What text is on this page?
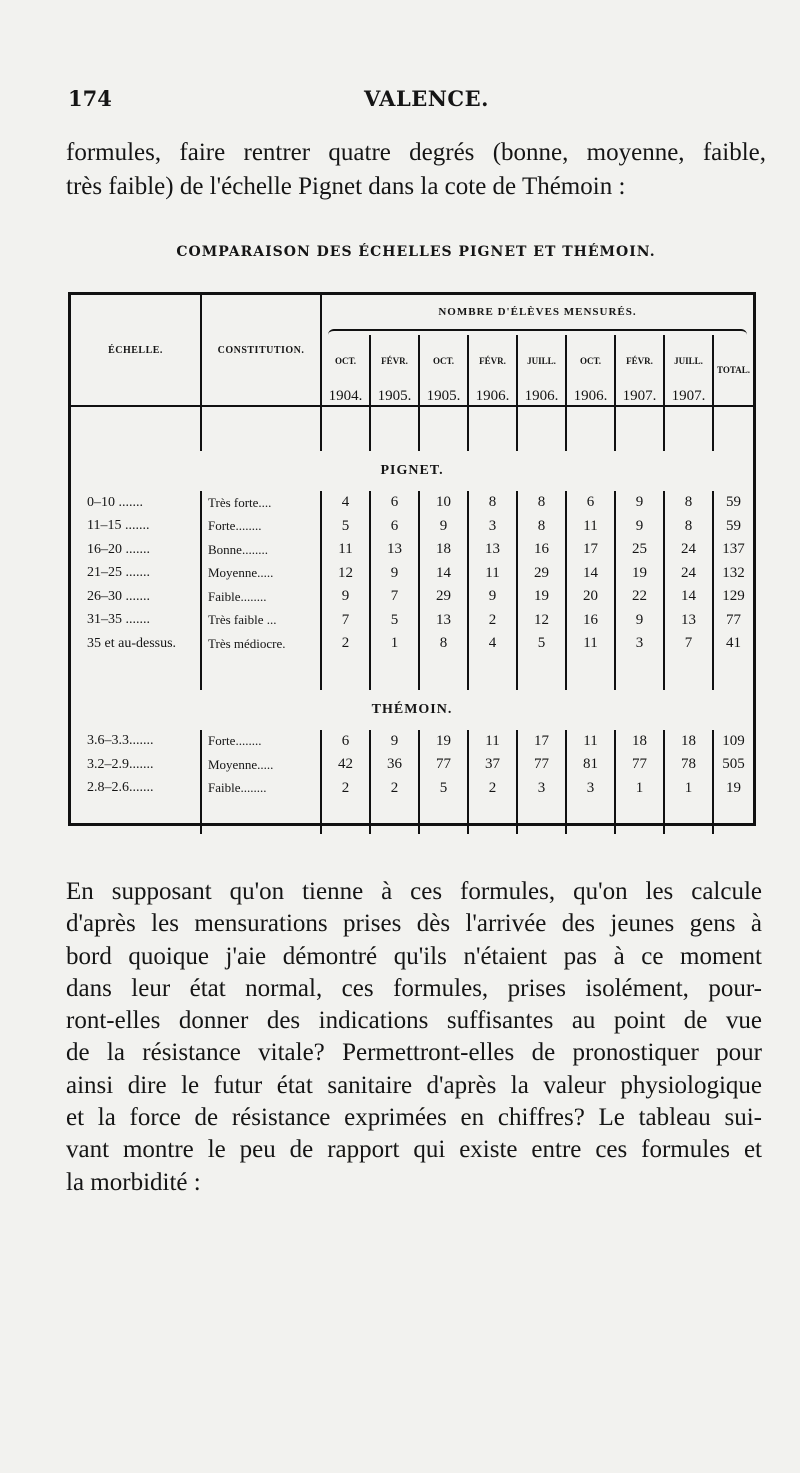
174	VALENCE.
formules, faire rentrer quatre degrés (bonne, moyenne, faible,
très faible) de l'échelle Pignet dans la cote de Thémoin :
COMPARAISON DES ÉCHELLES PIGNET ET THÉMOIN.
ÉCHELLE.	CONSTITUTION.	NOMBRE D'ÉLÈVES MENSURÉS.								

		OCT.	FÉVR.	OCT.	FÉVR.	JUILL.	OCT.	FÉVR.	JUILL.	TOTAL.
		1904.	1905.	1905.	1906.	1906.	1906.	1907.	1907.	

PIGNET.										
0–10 .......	Très forte....	4	6	10	8	8	6	9	8	59
11–15 .......	Forte........	5	6	9	3	8	11	9	8	59
16–20 .......	Bonne........	11	13	18	13	16	17	25	24	137
21–25 .......	Moyenne.....	12	9	14	11	29	14	19	24	132
26–30 .......	Faible........	9	7	29	9	19	20	22	14	129
31–35 .......	Très faible ...	7	5	13	2	12	16	9	13	77
35 et au-dessus.	Très médiocre.	2	1	8	4	5	11	3	7	41

THÉMOIN.										
3.6–3.3.......	Forte........	6	9	19	11	17	11	18	18	109
3.2–2.9.......	Moyenne.....	42	36	77	37	77	81	77	78	505
2.8–2.6.......	Faible........	2	2	5	2	3	3	1	1	19

En supposant qu'on tienne à ces formules, qu'on les calcule
d'après les mensurations prises dès l'arrivée des jeunes gens à
bord quoique j'aie démontré qu'ils n'étaient pas à ce moment
dans leur état normal, ces formules, prises isolément, pour-
ront-elles donner des indications suffisantes au point de vue
de la résistance vitale? Permettront-elles de pronostiquer pour
ainsi dire le futur état sanitaire d'après la valeur physiologique
et la force de résistance exprimées en chiffres? Le tableau sui-
vant montre le peu de rapport qui existe entre ces formules et
la morbidité :
